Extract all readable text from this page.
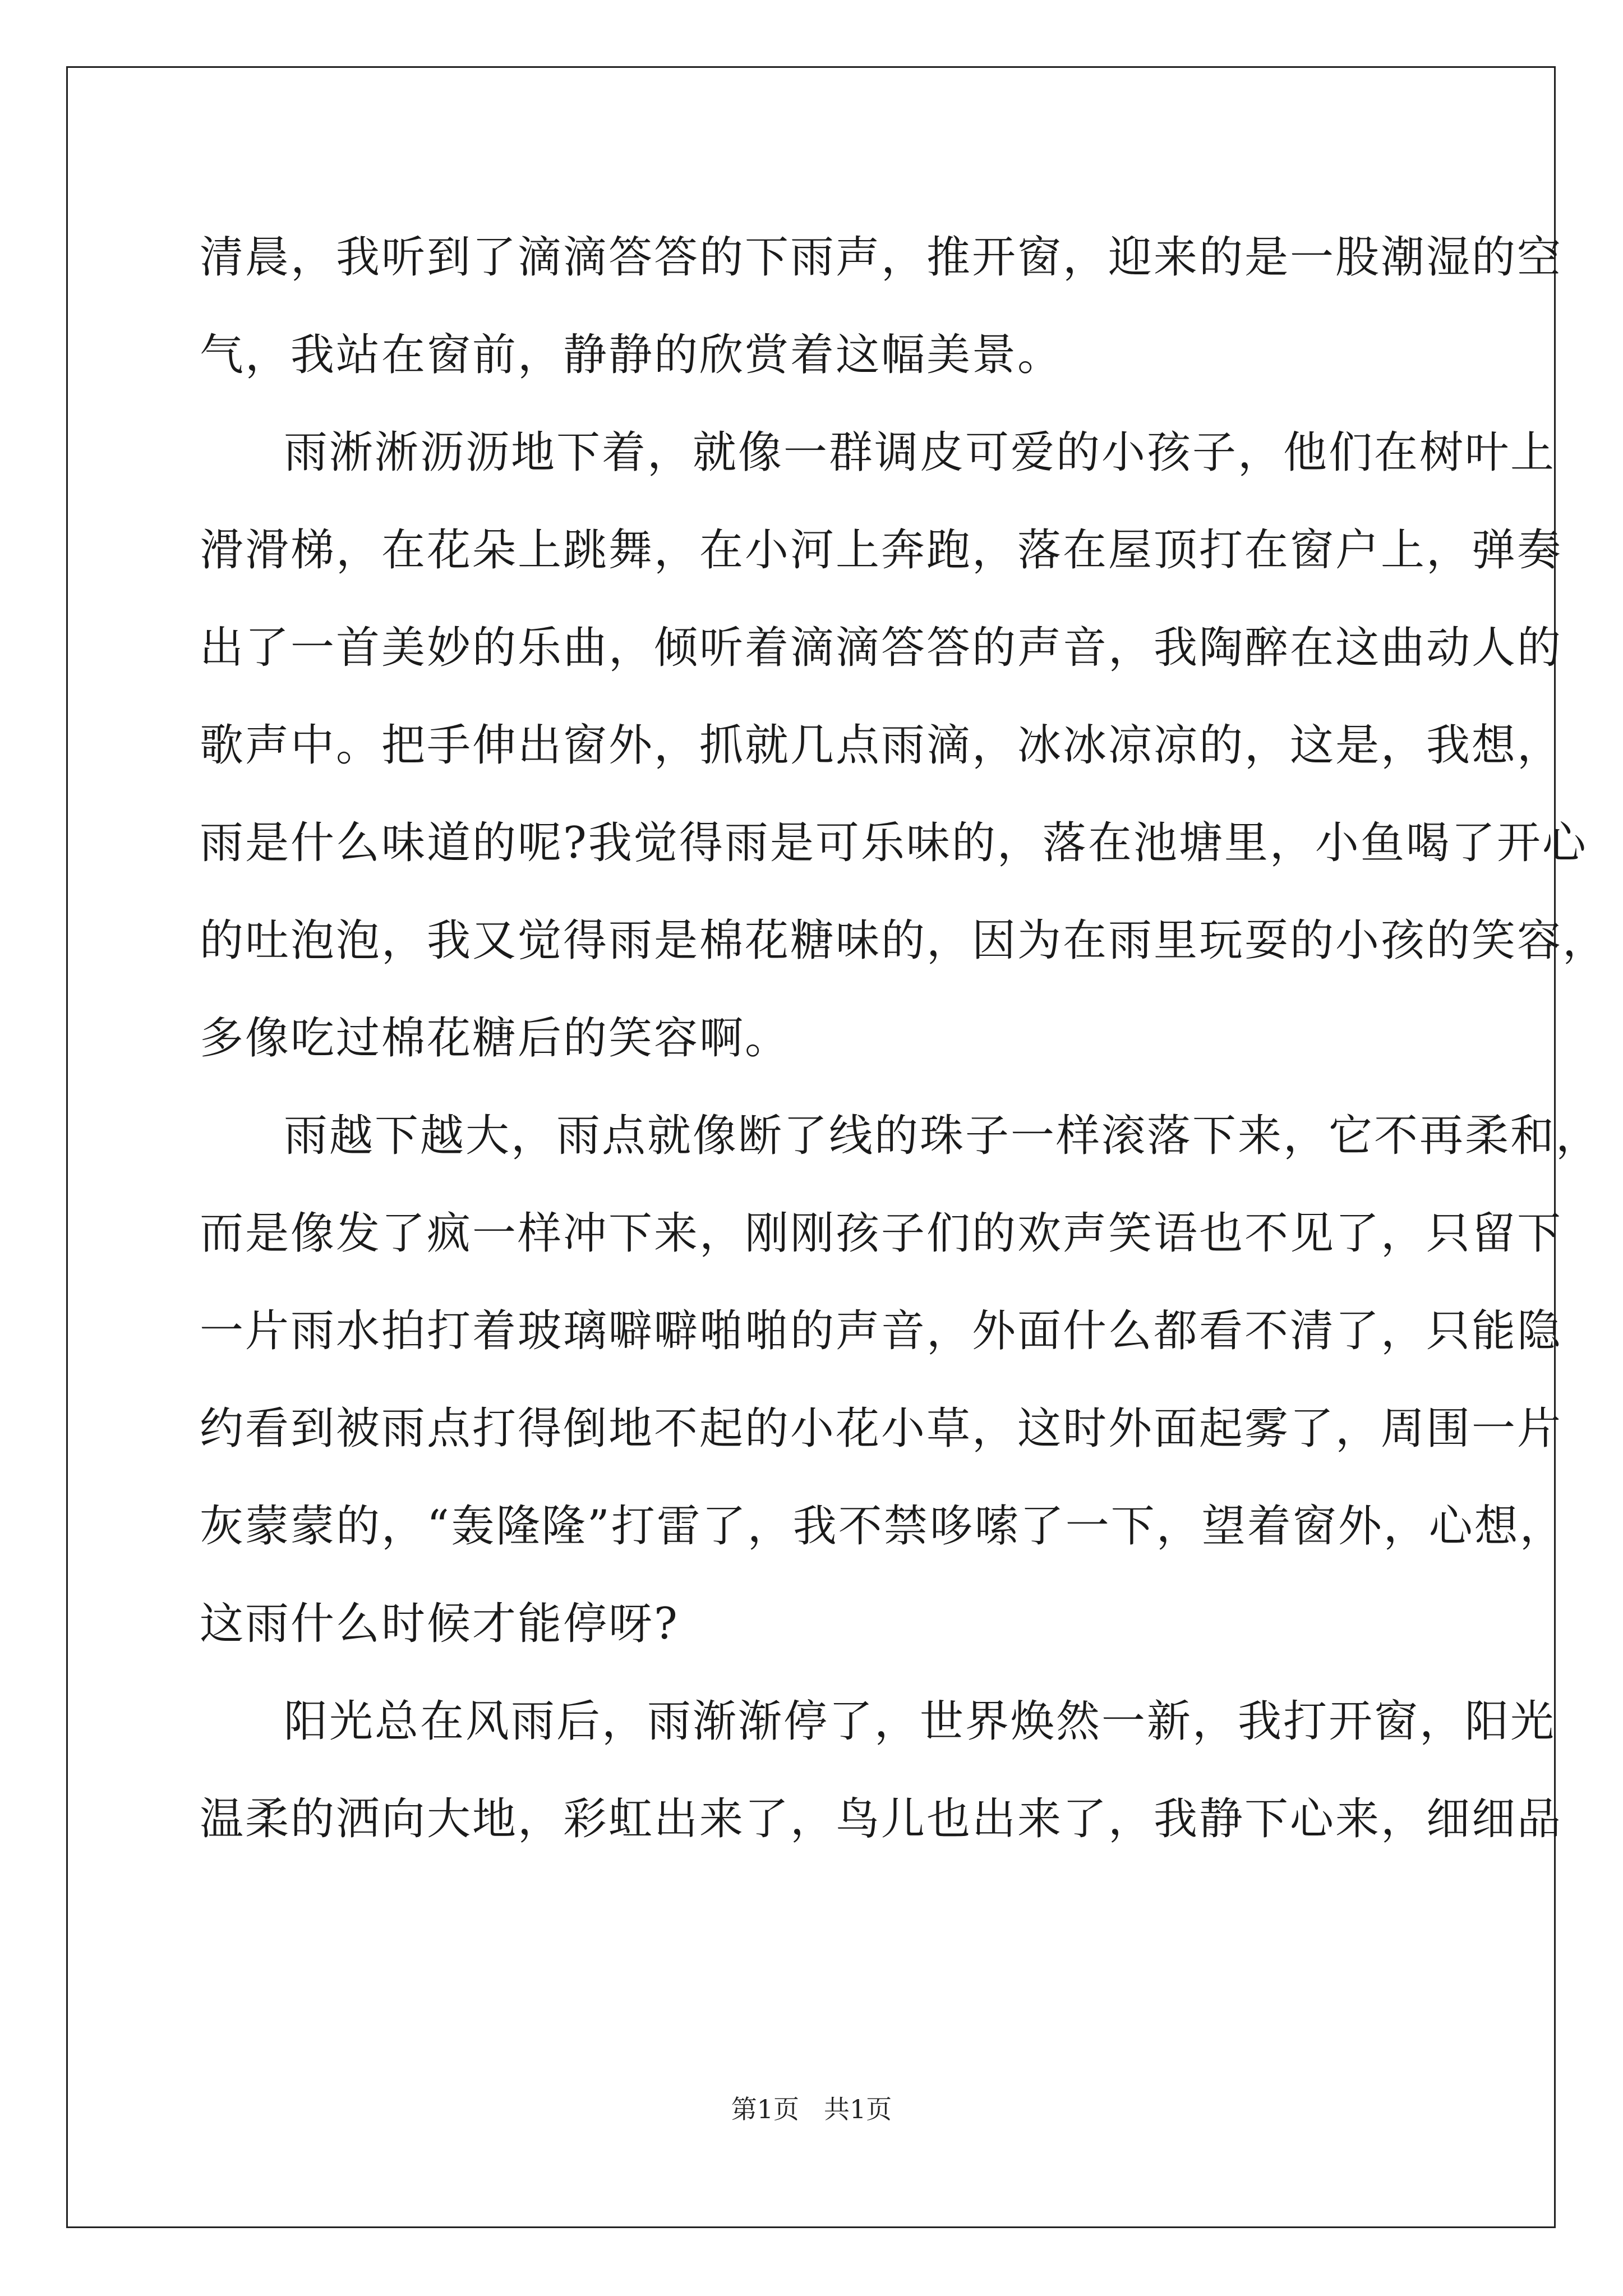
清晨，我听到了滴滴答答的下雨声，推开窗，迎来的是一股潮湿的空
气，我站在窗前，静静的欣赏着这幅美景。
雨淅淅沥沥地下着，就像一群调皮可爱的小孩子，他们在树叶上
滑滑梯，在花朵上跳舞，在小河上奔跑，落在屋顶打在窗户上，弹奏
出了一首美妙的乐曲，倾听着滴滴答答的声音，我陶醉在这曲动人的
歌声中。把手伸出窗外，抓就几点雨滴，冰冰凉凉的，这是，我想，
雨是什么味道的呢?我觉得雨是可乐味的，落在池塘里，小鱼喝了开心
的吐泡泡，我又觉得雨是棉花糖味的，因为在雨里玩耍的小孩的笑容，
多像吃过棉花糖后的笑容啊。
雨越下越大，雨点就像断了线的珠子一样滚落下来，它不再柔和，
而是像发了疯一样冲下来，刚刚孩子们的欢声笑语也不见了，只留下
一片雨水拍打着玻璃噼噼啪啪的声音，外面什么都看不清了，只能隐
约看到被雨点打得倒地不起的小花小草，这时外面起雾了，周围一片
灰蒙蒙的，“轰隆隆”打雷了，我不禁哆嗦了一下，望着窗外，心想，
这雨什么时候才能停呀?
阳光总在风雨后，雨渐渐停了，世界焕然一新，我打开窗，阳光
温柔的洒向大地，彩虹出来了，鸟儿也出来了，我静下心来，细细品
第1页 共1页
